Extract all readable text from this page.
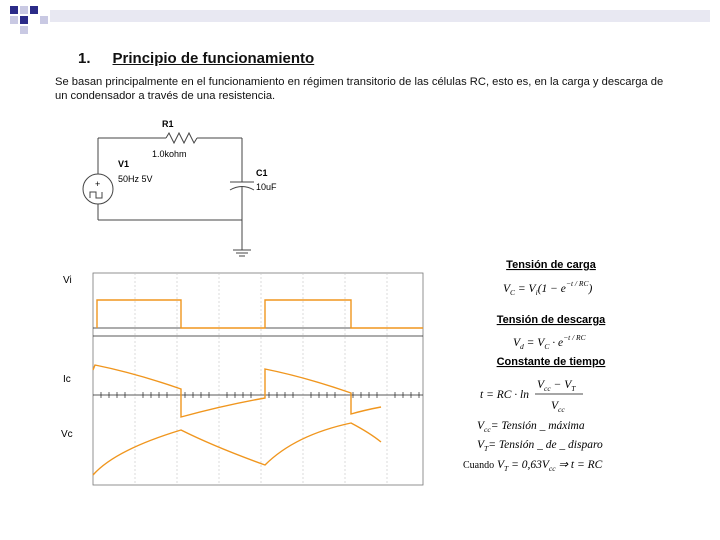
1. Principio de funcionamiento
Se basan principalmente en el funcionamiento en régimen transitorio de las células RC, esto es, en la carga y descarga de un condensador a través de una resistencia.
+
R1
1.0kohm
V1
50Hz 5V
C1
10uF
Vi
Ic
Vc
Tensión de carga
$V_C = V_i(1 - e^{-t / RC})$
Tensión de descarga
$V_d = V_C \cdot e^{-t / RC}$
Constante de tiempo
t = RC · ln
$V_{cc} - V_T$
$V_{cc}$
$V_{cc}=$ Tensión _ máxima
$V_T=$ Tensión _ de _ disparo
Cuando $V_T = 0,63V_{cc}$ ⇒ t = RC
